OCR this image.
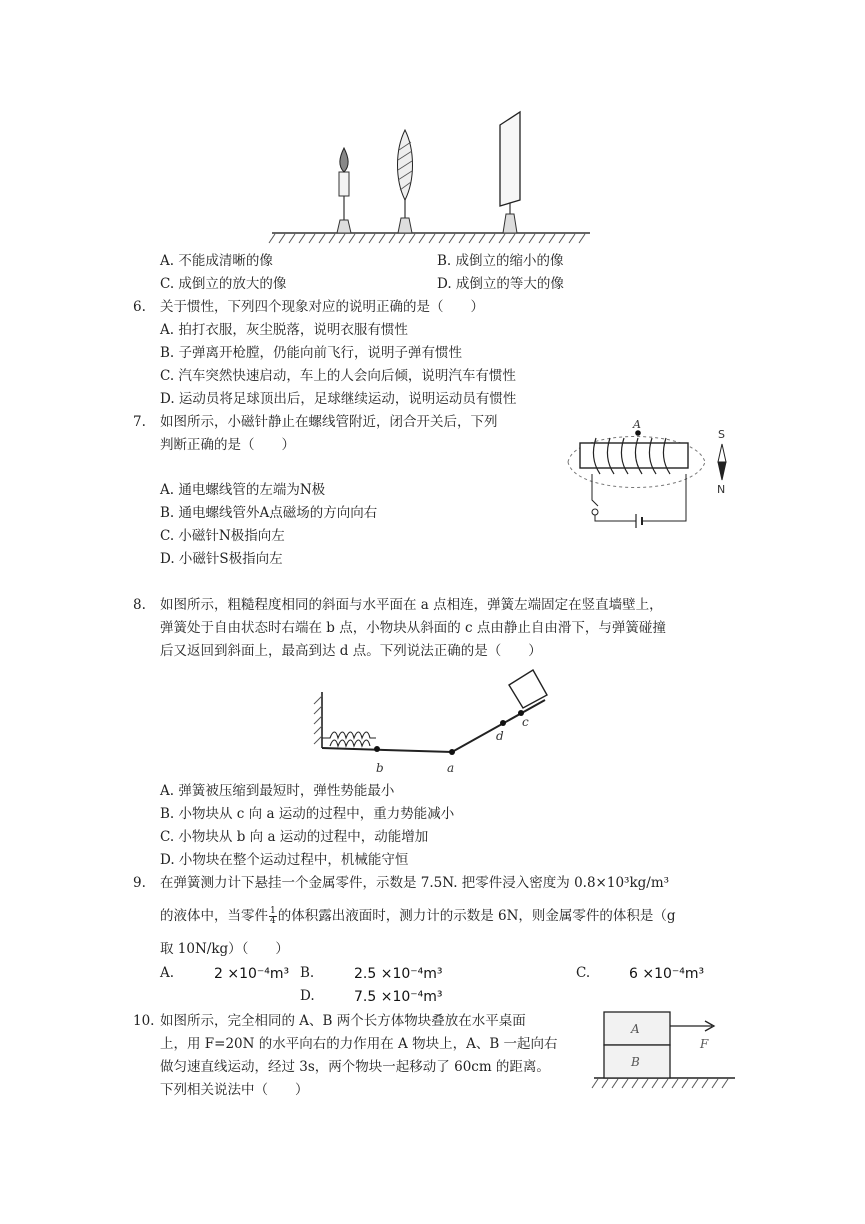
A. 不能成清晰的像	B. 成倒立的缩小的像
C. 成倒立的放大的像	D. 成倒立的等大的像
6. 关于惯性，下列四个现象对应的说明正确的是（　　）
A. 拍打衣服，灰尘脱落，说明衣服有惯性
B. 子弹离开枪膛，仍能向前飞行，说明子弹有惯性
C. 汽车突然快速启动，车上的人会向后倾，说明汽车有惯性
D. 运动员将足球顶出后，足球继续运动，说明运动员有惯性
7. 如图所示，小磁针静止在螺线管附近，闭合开关后，下列
判断正确的是（　　）
A. 通电螺线管的左端为N极
B. 通电螺线管外A点磁场的方向向右
C. 小磁针N极指向左
D. 小磁针S极指向左
A
S
N
8. 如图所示，粗糙程度相同的斜面与水平面在 a 点相连，弹簧左端固定在竖直墙壁上，
弹簧处于自由状态时右端在 b 点，小物块从斜面的 c 点由静止自由滑下，与弹簧碰撞
后又返回到斜面上，最高到达 d 点。下列说法正确的是（　　）
b	a
d
c
A. 弹簧被压缩到最短时，弹性势能最小
B. 小物块从 c 向 a 运动的过程中，重力势能减小
C. 小物块从 b 向 a 运动的过程中，动能增加
D. 小物块在整个运动过程中，机械能守恒
9. 在弹簧测力计下悬挂一个金属零件，示数是 7.5N. 把零件浸入密度为 0.8×10³kg/m³
的液体中，当零件 $\frac{1}{4}$ 的体积露出液面时，测力计的示数是 6N，则金属零件的体积是（g
取 10N/kg）（　　）
A.	2 ×10⁻⁴m³ B.	2.5 ×10⁻⁴m³	C.	6 ×10⁻⁴m³
D.	7.5 ×10⁻⁴m³
10. 如图所示，完全相同的 A、B 两个长方体物块叠放在水平桌面
上，用 F=20N 的水平向右的力作用在 A 物块上，A、B 一起向右
做匀速直线运动，经过 3s，两个物块一起移动了 60cm 的距离。
下列相关说法中（　　）
A
B
F
